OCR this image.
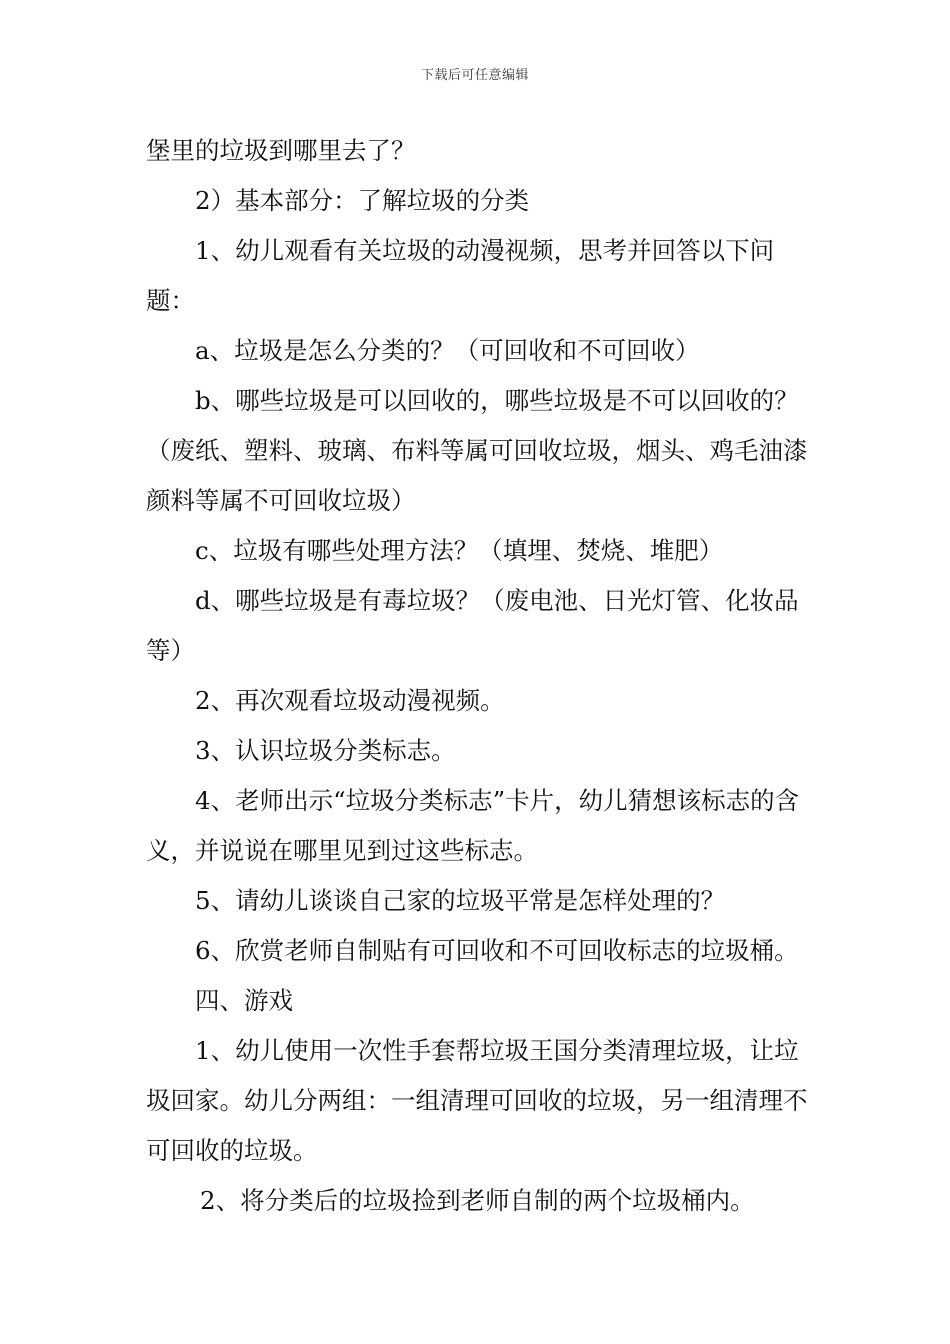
下载后可任意编辑

堡里的垃圾到哪里去了？

2）基本部分：了解垃圾的分类

1、幼儿观看有关垃圾的动漫视频，思考并回答以下问题：

a、垃圾是怎么分类的？（可回收和不可回收）

b、哪些垃圾是可以回收的，哪些垃圾是不可以回收的？（废纸、塑料、玻璃、布料等属可回收垃圾，烟头、鸡毛油漆颜料等属不可回收垃圾）

c、垃圾有哪些处理方法？（填埋、焚烧、堆肥）

d、哪些垃圾是有毒垃圾？（废电池、日光灯管、化妆品等）

2、再次观看垃圾动漫视频。

3、认识垃圾分类标志。

4、老师出示“垃圾分类标志”卡片，幼儿猜想该标志的含义，并说说在哪里见到过这些标志。

5、请幼儿谈谈自己家的垃圾平常是怎样处理的？

6、欣赏老师自制贴有可回收和不可回收标志的垃圾桶。

四、游戏

1、幼儿使用一次性手套帮垃圾王国分类清理垃圾，让垃圾回家。幼儿分两组：一组清理可回收的垃圾，另一组清理不可回收的垃圾。

2、将分类后的垃圾捡到老师自制的两个垃圾桶内。
